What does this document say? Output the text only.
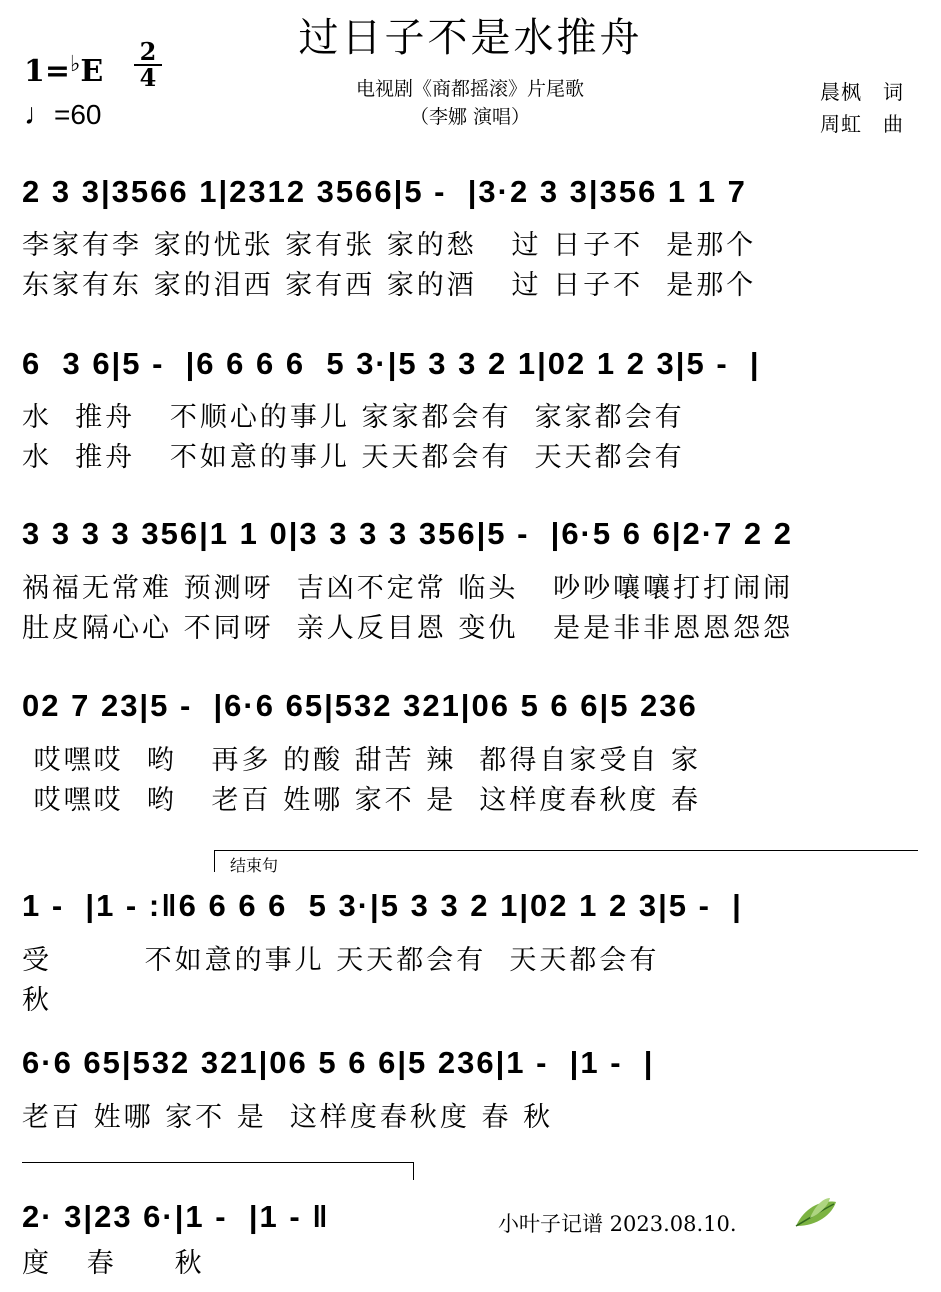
过日子不是水推舟
1=♭E
2
4
♩=60
电视剧《商都摇滚》片尾歌
（李娜 演唱）
晨枫　词
周虹　曲
2 3 3|3566 1|2312 3566|5 -  |3·2 3 3|356 1 1 7
李家有李 家的忧张 家有张 家的愁   过 日子不  是那个
东家有东 家的泪西 家有西 家的酒   过 日子不  是那个
6  3 6|5 -  |6 6 6 6  5 3·|5 3 3 2 1|02 1 2 3|5 -  |
水  推舟   不顺心的事儿 家家都会有  家家都会有
水  推舟   不如意的事儿 天天都会有  天天都会有
3 3 3 3 356|1 1 0|3 3 3 3 356|5 -  |6·5 6 6|2·7 2 2
祸福无常难 预测呀  吉凶不定常 临头   吵吵嚷嚷打打闹闹
肚皮隔心心 不同呀  亲人反目恩 变仇   是是非非恩恩怨怨
02 7 23|5 -  |6·6 65|532 321|06 5 6 6|5 236
哎嘿哎  哟   再多 的酸 甜苦 辣  都得自家受自 家
哎嘿哎  哟   老百 姓哪 家不 是  这样度春秋度 春
结束句
1 -  |1 - :‖6 6 6 6  5 3·|5 3 3 2 1|02 1 2 3|5 -  |
受        不如意的事儿 天天都会有  天天都会有
秋
6·6 65|532 321|06 5 6 6|5 236|1 -  |1 -  |
老百 姓哪 家不 是  这样度春秋度 春 秋
2· 3|23 6·|1 -  |1 - ‖
度   春     秋
小叶子记谱 2023.08.10.
